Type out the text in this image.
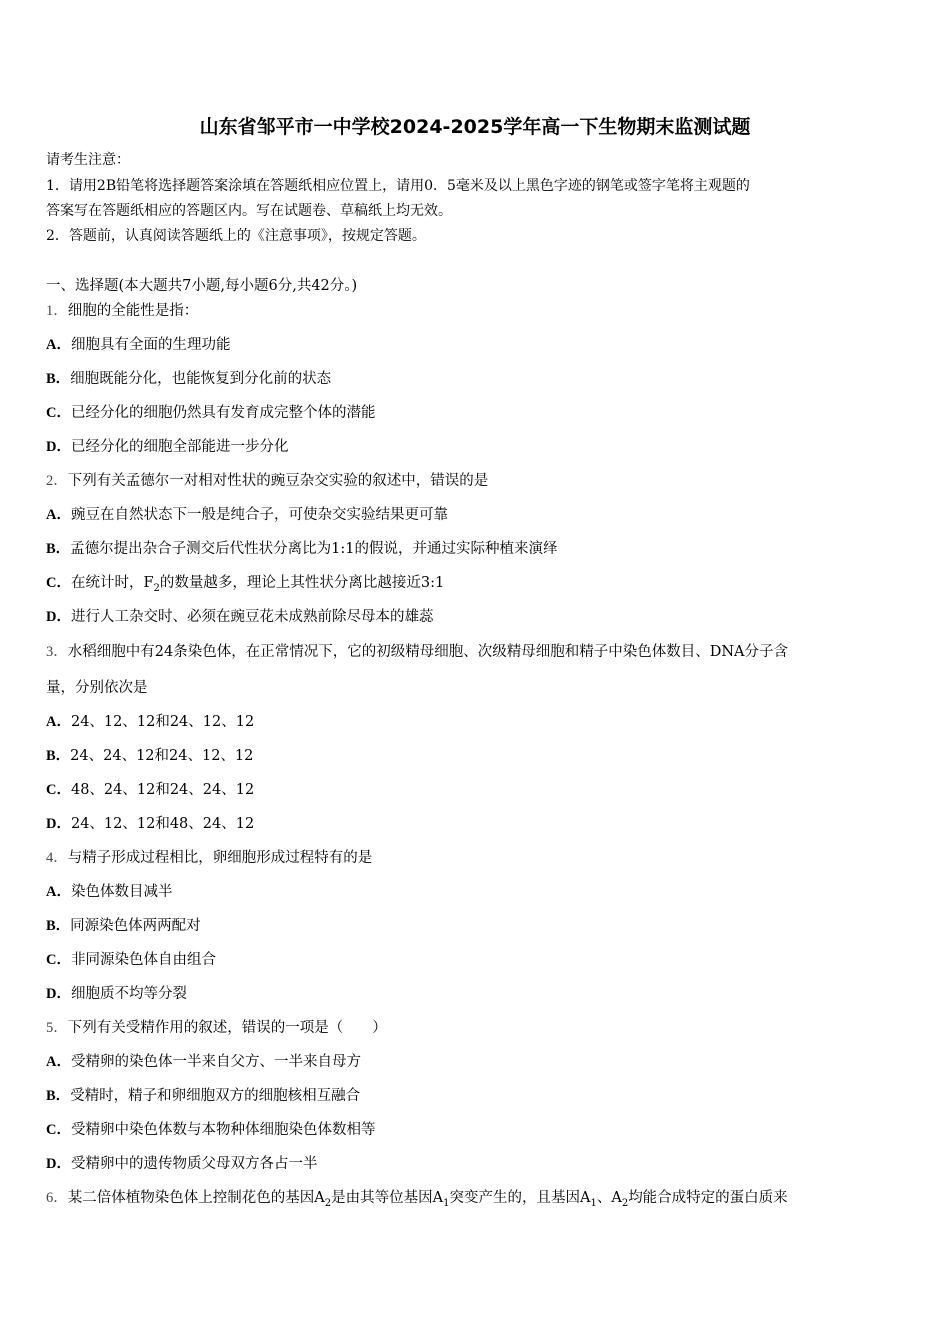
山东省邹平市一中学校2024-2025学年高一下生物期末监测试题
请考生注意：
1．请用2B铅笔将选择题答案涂填在答题纸相应位置上，请用0．5毫米及以上黑色字迹的钢笔或签字笔将主观题的
答案写在答题纸相应的答题区内。写在试题卷、草稿纸上均无效。
2．答题前，认真阅读答题纸上的《注意事项》，按规定答题。
一、选择题(本大题共7小题,每小题6分,共42分。)
1．细胞的全能性是指：
A．细胞具有全面的生理功能
B．细胞既能分化，也能恢复到分化前的状态
C．已经分化的细胞仍然具有发育成完整个体的潜能
D．已经分化的细胞全部能进一步分化
2．下列有关孟德尔一对相对性状的豌豆杂交实验的叙述中，错误的是
A．豌豆在自然状态下一般是纯合子，可使杂交实验结果更可靠
B．孟德尔提出杂合子测交后代性状分离比为1:1的假说，并通过实际种植来演绎
C．在统计时，$F_2$的数量越多，理论上其性状分离比越接近3:1
D．进行人工杂交时、必须在豌豆花未成熟前除尽母本的雄蕊
3．水稻细胞中有24条染色体，在正常情况下，它的初级精母细胞、次级精母细胞和精子中染色体数目、DNA分子含
量，分别依次是
A．24、12、12和24、12、12
B．24、24、12和24、12、12
C．48、24、12和24、24、12
D．24、12、12和48、24、12
4．与精子形成过程相比，卵细胞形成过程特有的是
A．染色体数目减半
B．同源染色体两两配对
C．非同源染色体自由组合
D．细胞质不均等分裂
5．下列有关受精作用的叙述，错误的一项是（　　）
A．受精卵的染色体一半来自父方、一半来自母方
B．受精时，精子和卵细胞双方的细胞核相互融合
C．受精卵中染色体数与本物种体细胞染色体数相等
D．受精卵中的遗传物质父母双方各占一半
6．某二倍体植物染色体上控制花色的基因$A_2$是由其等位基因$A_1$突变产生的，且基因$A_1$、$A_2$均能合成特定的蛋白质来
